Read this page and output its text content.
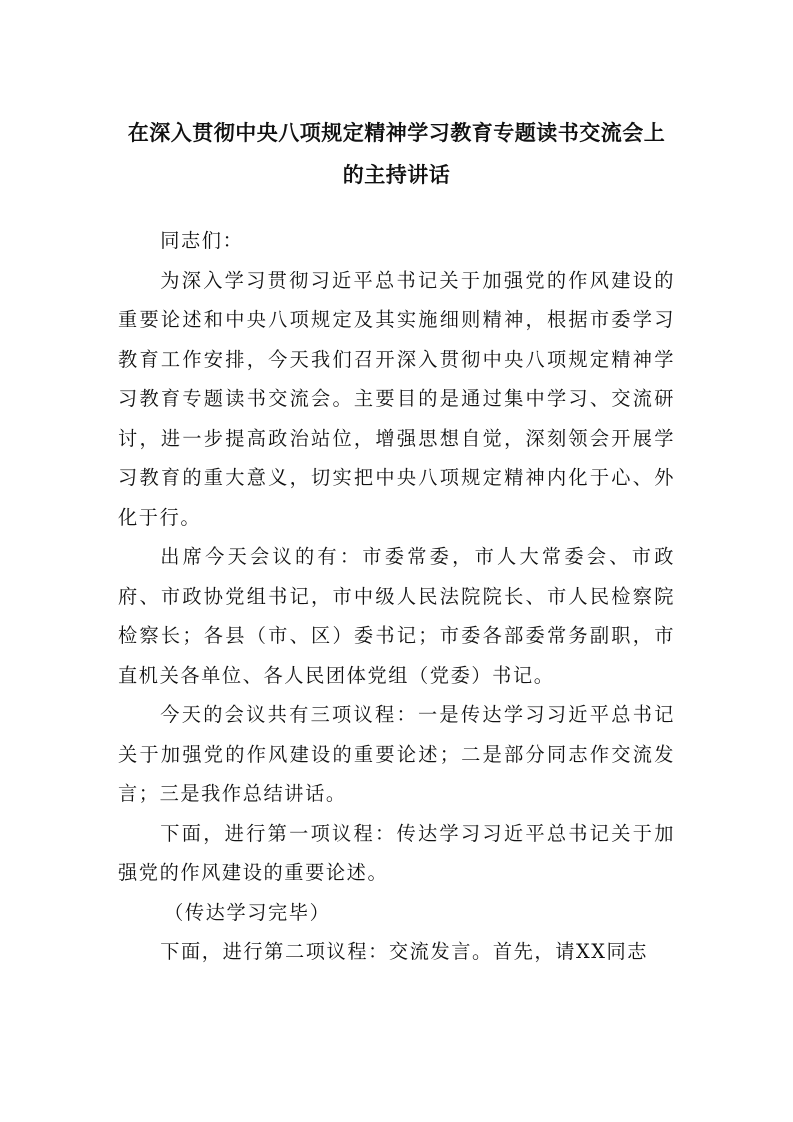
在深入贯彻中央八项规定精神学习教育专题读书交流会上
的主持讲话

同志们：

为深入学习贯彻习近平总书记关于加强党的作风建设的重要论述和中央八项规定及其实施细则精神，根据市委学习教育工作安排，今天我们召开深入贯彻中央八项规定精神学习教育专题读书交流会。主要目的是通过集中学习、交流研讨，进一步提高政治站位，增强思想自觉，深刻领会开展学习教育的重大意义，切实把中央八项规定精神内化于心、外化于行。

出席今天会议的有：市委常委，市人大常委会、市政府、市政协党组书记，市中级人民法院院长、市人民检察院检察长；各县（市、区）委书记；市委各部委常务副职，市直机关各单位、各人民团体党组（党委）书记。

今天的会议共有三项议程：一是传达学习习近平总书记关于加强党的作风建设的重要论述；二是部分同志作交流发言；三是我作总结讲话。

下面，进行第一项议程：传达学习习近平总书记关于加强党的作风建设的重要论述。

（传达学习完毕）

下面，进行第二项议程：交流发言。首先，请XX同志
